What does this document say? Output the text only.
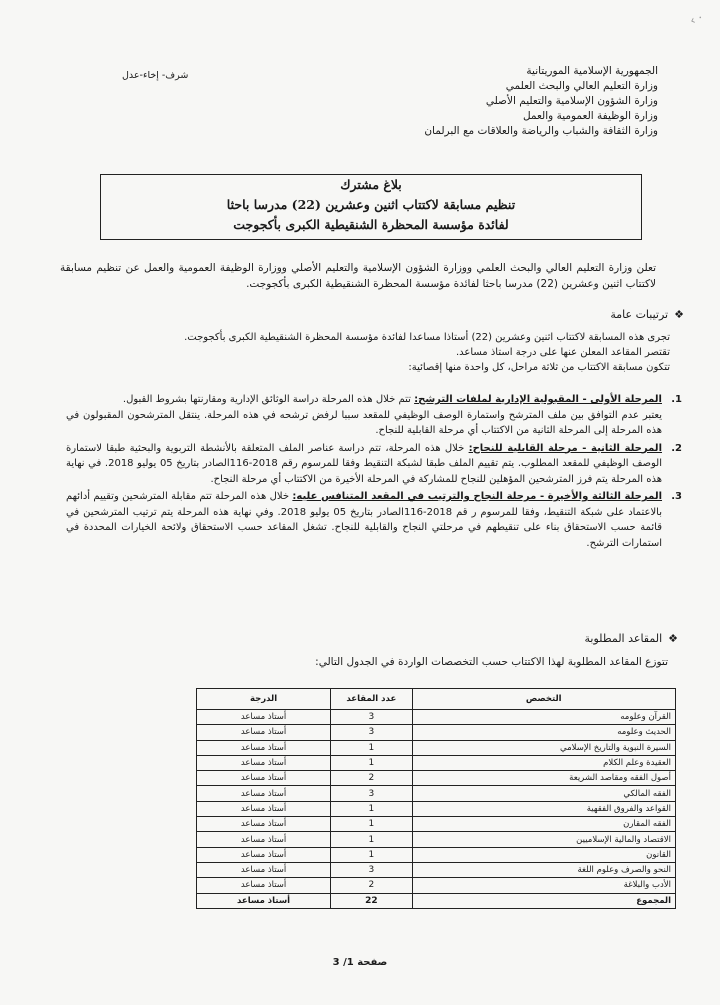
‹ ·
الجمهورية الإسلامية الموريتانية
وزارة التعليم العالي والبحث العلمي
وزارة الشؤون الإسلامية والتعليم الأصلي
وزارة الوظيفة العمومية والعمل
وزارة الثقافة والشباب والرياضة والعلاقات مع البرلمان
شرف- إخاء-عدل
بلاغ مشترك
تنظيم مسابقة لاكتتاب اثنين وعشرين (22) مدرسا باحثا
لفائدة مؤسسة المحظرة الشنقيطية الكبرى بأكجوجت
تعلن وزارة التعليم العالي والبحث العلمي ووزارة الشؤون الإسلامية والتعليم الأصلي ووزارة الوظيفة العمومية والعمل عن تنظيم مسابقة لاكتتاب اثنين وعشرين (22) مدرسا باحثا لفائدة مؤسسة المحظرة الشنقيطية الكبرى بأكجوجت.
❖
ترتيبات عامة

تجرى هذه المسابقة لاكتتاب اثنين وعشرين (22) أستاذا مساعدا لفائدة مؤسسة المحظرة الشنقيطية الكبرى بأكجوجت.

تقتصر المقاعد المعلن عنها على درجة استاذ مساعد.

تتكون مسابقة الاكتتاب من ثلاثة مراحل، كل واحدة منها إقصائية:

1.

المرحلة الأولى - المقبولية الإدارية لملفات الترشح: تتم خلال هذه المرحلة دراسة الوثائق الإدارية ومقارنتها بشروط القبول.

يعتبر عدم التوافق بين ملف المترشح واستمارة الوصف الوظيفي للمقعد سببا لرفض ترشحه في هذه المرحلة. ينتقل المترشحون المقبولون في هذه المرحلة إلى المرحلة الثانية من الاكتتاب أي مرحلة القابلية للنجاح.

2.

المرحلة الثانية - مرحلة القابلية للنجاح: خلال هذه المرحلة، تتم دراسة عناصر الملف المتعلقة بالأنشطة التربوية والبحثية طبقا لاستمارة الوصف الوظيفي للمقعد المطلوب. يتم تقييم الملف طبقا لشبكة التنقيط وفقا للمرسوم رقم 2018-116الصادر بتاريخ 05 يوليو 2018. في نهاية هذه المرحلة يتم فرز المترشحين المؤهلين للنجاح للمشاركة في المرحلة الأخيرة من الاكتتاب أي مرحلة النجاح.

3.

المرحلة الثالثة والأخيرة - مرحلة النجاح والترتيب في المقعد المتنافس عليه: خلال هذه المرحلة تتم مقابلة المترشحين وتقييم أدائهم بالاعتماد على شبكة التنقيط، وفقا للمرسوم ر قم 2018-116الصادر بتاريخ 05 يوليو 2018. وفي نهاية هذه المرحلة يتم ترتيب المترشحين في قائمة حسب الاستحقاق بناء على تنقيطهم في مرحلتي النجاح والقابلية للنجاح. تشغل المقاعد حسب الاستحقاق ولائحة الخيارات المحددة في استمارات الترشح.

❖
المقاعد المطلوبة
تتوزع المقاعد المطلوبة لهذا الاكتتاب حسب التخصصات الواردة في الجدول التالي:
التخصص	عدد المقاعد	الدرجة
القرآن وعلومه	3	أستاذ مساعد
الحديث وعلومه	3	أستاذ مساعد
السيرة النبوية والتاريخ الإسلامي	1	أستاذ مساعد
العقيدة وعلم الكلام	1	أستاذ مساعد
أصول الفقه ومقاصد الشريعة	2	أستاذ مساعد
الفقه المالكي	3	أستاذ مساعد
القواعد والفروق الفقهية	1	أستاذ مساعد
الفقه المقارن	1	أستاذ مساعد
الاقتصاد والمالية الإسلاميين	1	أستاذ مساعد
القانون	1	أستاذ مساعد
النحو والصرف وعلوم اللغة	3	أستاذ مساعد
الأدب والبلاغة	2	أستاذ مساعد
المجموع	22	أستاذ مساعد
صفحة 1/ 3
